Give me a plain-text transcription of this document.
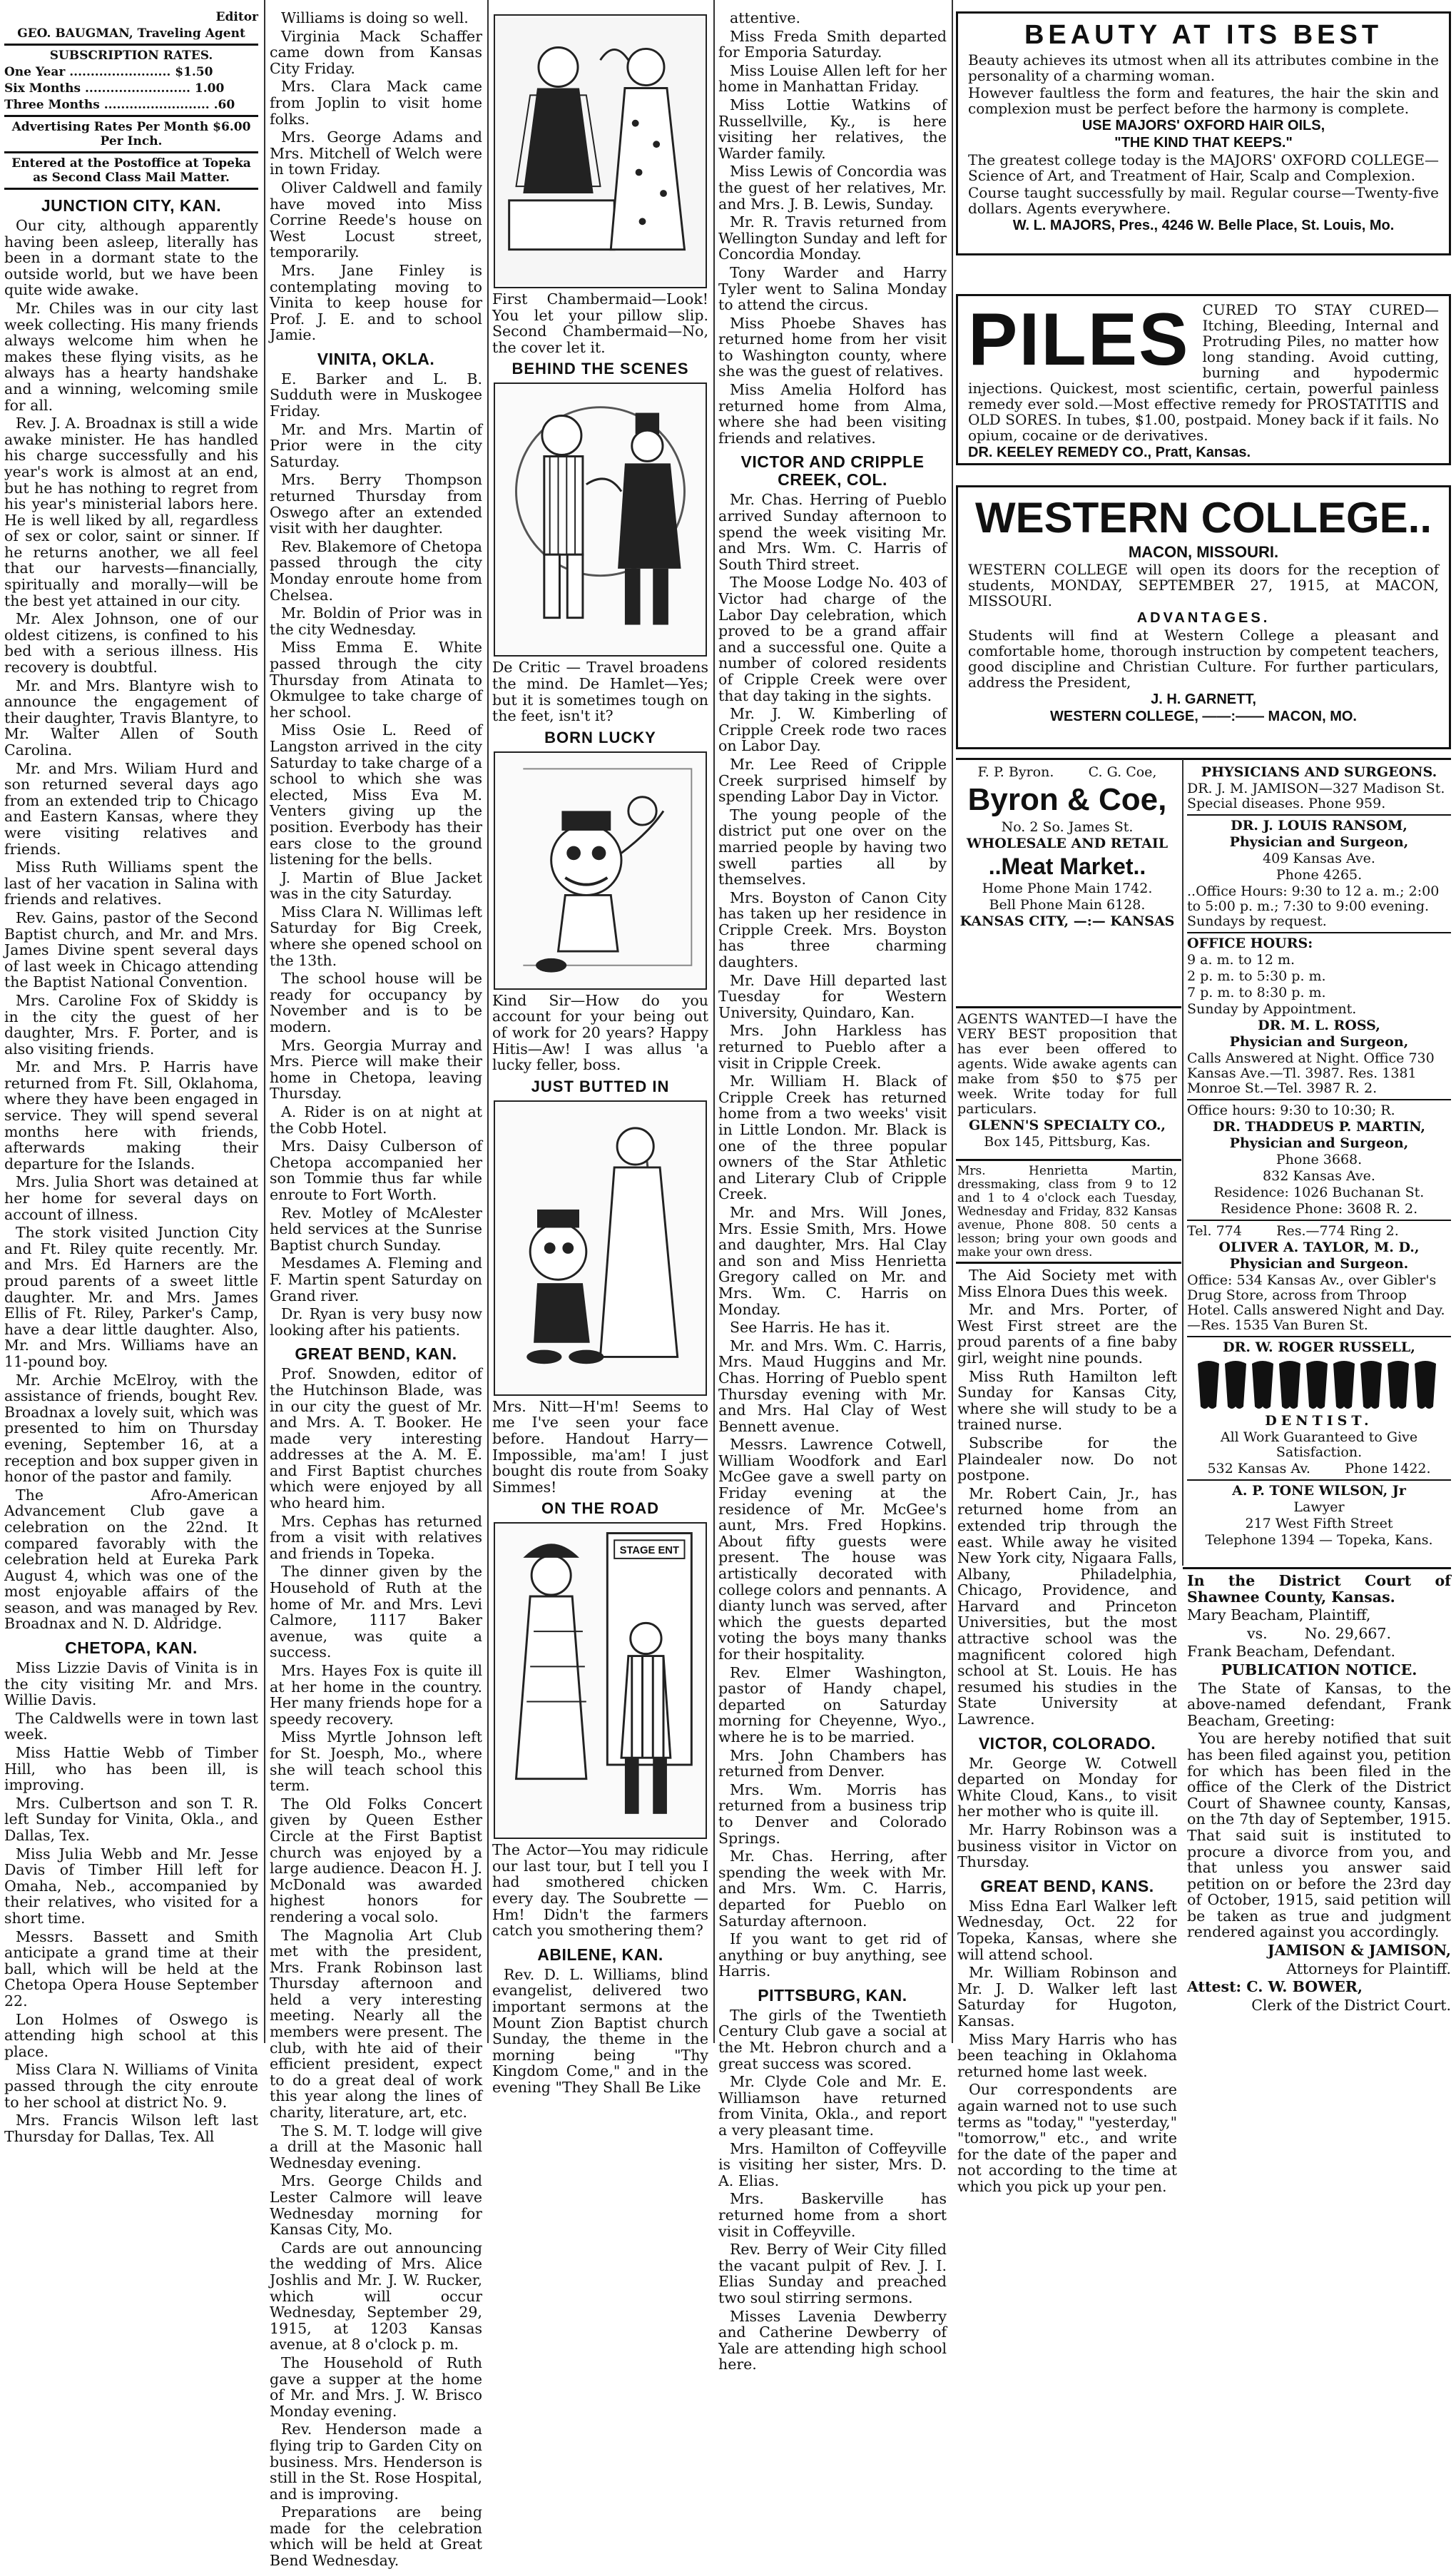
Editor

GEO. BAUGMAN, Traveling Agent

SUBSCRIPTION RATES.

One Year ........................ $1.50

Six Months ......................... 1.00

Three Months ......................... .60

Advertising Rates Per Month $6.00 Per Inch.

Entered at the Postoffice at Topeka as Second Class Mail Matter.

JUNCTION CITY, KAN.

Our city, although apparently having been asleep, literally has been in a dormant state to the outside world, but we have been quite wide awake.

Mr. Chiles was in our city last week collecting. His many friends always welcome him when he makes these flying visits, as he always has a hearty handshake and a winning, welcoming smile for all.

Rev. J. A. Broadnax is still a wide awake minister. He has handled his charge successfully and his year's work is almost at an end, but he has nothing to regret from his year's ministerial labors here. He is well liked by all, regardless of sex or color, saint or sinner. If he returns another, we all feel that our harvests—financially, spiritually and morally—will be the best yet attained in our city.

Mr. Alex Johnson, one of our oldest citizens, is confined to his bed with a serious illness. His recovery is doubtful.

Mr. and Mrs. Blantyre wish to announce the engagement of their daughter, Travis Blantyre, to Mr. Walter Allen of South Carolina.

Mr. and Mrs. Wiliam Hurd and son returned several days ago from an extended trip to Chicago and Eastern Kansas, where they were visiting relatives and friends.

Miss Ruth Williams spent the last of her vacation in Salina with friends and relatives.

Rev. Gains, pastor of the Second Baptist church, and Mr. and Mrs. James Divine spent several days of last week in Chicago attending the Baptist National Convention.

Mrs. Caroline Fox of Skiddy is in the city the guest of her daughter, Mrs. F. Porter, and is also visiting friends.

Mr. and Mrs. P. Harris have returned from Ft. Sill, Oklahoma, where they have been engaged in service. They will spend several months here with friends, afterwards making their departure for the Islands.

Mrs. Julia Short was detained at her home for several days on account of illness.

The stork visited Junction City and Ft. Riley quite recently. Mr. and Mrs. Ed Harners are the proud parents of a sweet little daughter. Mr. and Mrs. James Ellis of Ft. Riley, Parker's Camp, have a dear little daughter. Also, Mr. and Mrs. Williams have an 11-pound boy.

Mr. Archie McElroy, with the assistance of friends, bought Rev. Broadnax a lovely suit, which was presented to him on Thursday evening, September 16, at a reception and box supper given in honor of the pastor and family.

The Afro-American Advancement Club gave a celebration on the 22nd. It compared favorably with the celebration held at Eureka Park August 4, which was one of the most enjoyable affairs of the season, and was managed by Rev. Broadnax and N. D. Aldridge.

CHETOPA, KAN.

Miss Lizzie Davis of Vinita is in the city visiting Mr. and Mrs. Willie Davis.

The Caldwells were in town last week.

Miss Hattie Webb of Timber Hill, who has been ill, is improving.

Mrs. Culbertson and son T. R. left Sunday for Vinita, Okla., and Dallas, Tex.

Miss Julia Webb and Mr. Jesse Davis of Timber Hill left for Omaha, Neb., accompanied by their relatives, who visited for a short time.

Messrs. Bassett and Smith anticipate a grand time at their ball, which will be held at the Chetopa Opera House September 22.

Lon Holmes of Oswego is attending high school at this place.

Miss Clara N. Williams of Vinita passed through the city enroute to her school at district No. 9.

Mrs. Francis Wilson left last Thursday for Dallas, Tex. All

Williams is doing so well.

Virginia Mack Schaffer came down from Kansas City Friday.

Mrs. Clara Mack came from Joplin to visit home folks.

Mrs. George Adams and Mrs. Mitchell of Welch were in town Friday.

Oliver Caldwell and family have moved into Miss Corrine Reede's house on West Locust street, temporarily.

Mrs. Jane Finley is contemplating moving to Vinita to keep house for Prof. J. E. and to school Jamie.

VINITA, OKLA.

E. Barker and L. B. Sudduth were in Muskogee Friday.

Mr. and Mrs. Martin of Prior were in the city Saturday.

Mrs. Berry Thompson returned Thursday from Oswego after an extended visit with her daughter.

Rev. Blakemore of Chetopa passed through the city Monday enroute home from Chelsea.

Mr. Boldin of Prior was in the city Wednesday.

Miss Emma E. White passed through the city Thursday from Atinata to Okmulgee to take charge of her school.

Miss Osie L. Reed of Langston arrived in the city Saturday to take charge of a school to which she was elected, Miss Eva M. Venters giving up the position. Everbody has their ears close to the ground listening for the bells.

J. Martin of Blue Jacket was in the city Saturday.

Miss Clara N. Willimas left Saturday for Big Creek, where she opened school on the 13th.

The school house will be ready for occupancy by November and is to be modern.

Mrs. Georgia Murray and Mrs. Pierce will make their home in Chetopa, leaving Thursday.

A. Rider is on at night at the Cobb Hotel.

Mrs. Daisy Culberson of Chetopa accompanied her son Tommie thus far while enroute to Fort Worth.

Rev. Motley of McAlester held services at the Sunrise Baptist church Sunday.

Mesdames A. Fleming and F. Martin spent Saturday on Grand river.

Dr. Ryan is very busy now looking after his patients.

GREAT BEND, KAN.

Prof. Snowden, editor of the Hutchinson Blade, was in our city the guest of Mr. and Mrs. A. T. Booker. He made very interesting addresses at the A. M. E. and First Baptist churches which were enjoyed by all who heard him.

Mrs. Cephas has returned from a visit with relatives and friends in Topeka.

The dinner given by the Household of Ruth at the home of Mr. and Mrs. Levi Calmore, 1117 Baker avenue, was quite a success.

Mrs. Hayes Fox is quite ill at her home in the country. Her many friends hope for a speedy recovery.

Miss Myrtle Johnson left for St. Joesph, Mo., where she will teach school this term.

The Old Folks Concert given by Queen Esther Circle at the First Baptist church was enjoyed by a large audience. Deacon H. J. McDonald was awarded highest honors for rendering a vocal solo.

The Magnolia Art Club met with the president, Mrs. Frank Robinson last Thursday afternoon and held a very interesting meeting. Nearly all the members were present. The club, with hte aid of their efficient president, expect to do a great deal of work this year along the lines of charity, literature, art, etc.

The S. M. T. lodge will give a drill at the Masonic hall Wednesday evening.

Mrs. George Childs and Lester Calmore will leave Wednesday morning for Kansas City, Mo.

Cards are out announcing the wedding of Mrs. Alice Joshlis and Mr. J. W. Rucker, which will occur Wednesday, September 29, 1915, at 1203 Kansas avenue, at 8 o'clock p. m.

The Household of Ruth gave a supper at the home of Mr. and Mrs. J. W. Brisco Monday evening.

Rev. Henderson made a flying trip to Garden City on business. Mrs. Henderson is still in the St. Rose Hospital, and is improving.

Preparations are being made for the celebration which will be held at Great Bend Wednesday.

First Chambermaid—Look! You let your pillow slip. Second Chambermaid—No, the cover let it.

BEHIND THE SCENES

De Critic — Travel broadens the mind. De Hamlet—Yes; but it is sometimes tough on the feet, isn't it?

BORN LUCKY

Kind Sir—How do you account for your being out of work for 20 years? Happy Hitis—Aw! I was allus 'a lucky feller, boss.

JUST BUTTED IN

Mrs. Nitt—H'm! Seems to me I've seen your face before. Handout Harry—Impossible, ma'am! I just bought dis route from Soaky Simmes!

ON THE ROAD
STAGE ENT

The Actor—You may ridicule our last tour, but I tell you I had smothered chicken every day. The Soubrette — Hm! Didn't the farmers catch you smothering them?

ABILENE, KAN.

Rev. D. L. Williams, blind evangelist, delivered two important sermons at the Mount Zion Baptist church Sunday, the theme in the morning being "Thy Kingdom Come," and in the evening "They Shall Be Like

attentive.

Miss Freda Smith departed for Emporia Saturday.

Miss Louise Allen left for her home in Manhattan Friday.

Miss Lottie Watkins of Russellville, Ky., is here visiting her relatives, the Warder family.

Miss Lewis of Concordia was the guest of her relatives, Mr. and Mrs. J. B. Lewis, Sunday.

Mr. R. Travis returned from Wellington Sunday and left for Concordia Monday.

Tony Warder and Harry Tyler went to Salina Monday to attend the circus.

Miss Phoebe Shaves has returned home from her visit to Washington county, where she was the guest of relatives.

Miss Amelia Holford has returned home from Alma, where she had been visiting friends and relatives.

VICTOR AND CRIPPLE CREEK, COL.

Mr. Chas. Herring of Pueblo arrived Sunday afternoon to spend the week visiting Mr. and Mrs. Wm. C. Harris of South Third street.

The Moose Lodge No. 403 of Victor had charge of the Labor Day celebration, which proved to be a grand affair and a successful one. Quite a number of colored residents of Cripple Creek were over that day taking in the sights.

Mr. J. W. Kimberling of Cripple Creek rode two races on Labor Day.

Mr. Lee Reed of Cripple Creek surprised himself by spending Labor Day in Victor.

The young people of the district put one over on the married people by having two swell parties all by themselves.

Mrs. Boyston of Canon City has taken up her residence in Cripple Creek. Mrs. Boyston has three charming daughters.

Mr. Dave Hill departed last Tuesday for Western University, Quindaro, Kan.

Mrs. John Harkless has returned to Pueblo after a visit in Cripple Creek.

Mr. William H. Black of Cripple Creek has returned home from a two weeks' visit in Little London. Mr. Black is one of the three popular owners of the Star Athletic and Literary Club of Cripple Creek.

Mr. and Mrs. Will Jones, Mrs. Essie Smith, Mrs. Howe and daughter, Mrs. Hal Clay and son and Miss Henrietta Gregory called on Mr. and Mrs. Wm. C. Harris on Monday.

See Harris. He has it.

Mr. and Mrs. Wm. C. Harris, Mrs. Maud Huggins and Mr. Chas. Horring of Pueblo spent Thursday evening with Mr. and Mrs. Hal Clay of West Bennett avenue.

Messrs. Lawrence Cotwell, William Woodfork and Earl McGee gave a swell party on Friday evening at the residence of Mr. McGee's aunt, Mrs. Fred Hopkins. About fifty guests were present. The house was artistically decorated with college colors and pennants. A dianty lunch was served, after which the guests departed voting the boys many thanks for their hospitality.

Rev. Elmer Washington, pastor of Handy chapel, departed on Saturday morning for Cheyenne, Wyo., where he is to be married.

Mrs. John Chambers has returned from Denver.

Mrs. Wm. Morris has returned from a business trip to Denver and Colorado Springs.

Mr. Chas. Herring, after spending the week with Mr. and Mrs. Wm. C. Harris, departed for Pueblo on Saturday afternoon.

If you want to get rid of anything or buy anything, see Harris.

PITTSBURG, KAN.

The girls of the Twentieth Century Club gave a social at the Mt. Hebron church and a great success was scored.

Mr. Clyde Cole and Mr. E. Williamson have returned from Vinita, Okla., and report a very pleasant time.

Mrs. Hamilton of Coffeyville is visiting her sister, Mrs. D. A. Elias.

Mrs. Baskerville has returned home from a short visit in Coffeyville.

Rev. Berry of Weir City filled the vacant pulpit of Rev. J. I. Elias Sunday and preached two soul stirring sermons.

Misses Lavenia Dewberry and Catherine Dewberry of Yale are attending high school here.

BEAUTY AT ITS BEST

Beauty achieves its utmost when all its attributes combine in the personality of a charming woman.

However faultless the form and features, the hair the skin and complexion must be perfect before the harmony is complete.

USE MAJORS' OXFORD HAIR OILS,

"THE KIND THAT KEEPS."

The greatest college today is the MAJORS' OXFORD COLLEGE—Science of Art, and Treatment of Hair, Scalp and Complexion.

Course taught successfully by mail. Regular course—Twenty-five dollars. Agents everywhere.

W. L. MAJORS, Pres., 4246 W. Belle Place, St. Louis, Mo.

PILES CURED TO STAY CURED—Itching, Bleeding, Internal and Protruding Piles, no matter how long standing. Avoid cutting, burning and hypodermic injections. Quickest, most scientific, certain, powerful painless remedy ever sold.—Most effective remedy for PROSTATITIS and OLD SORES. In tubes, $1.00, postpaid. Money back if it fails. No opium, cocaine or de derivatives.

DR. KEELEY REMEDY CO., Pratt, Kansas.

WESTERN COLLEGE..

MACON, MISSOURI.

WESTERN COLLEGE will open its doors for the reception of students, MONDAY, SEPTEMBER 27, 1915, at MACON, MISSOURI.

ADVANTAGES.

Students will find at Western College a pleasant and comfortable home, thorough instruction by competent teachers, good discipline and Christian Culture. For further particulars, address the President,

J. H. GARNETT,

WESTERN COLLEGE, ——:—— MACON, MO.

F. P. Byron.        C. G. Coe,

Byron & Coe,

No. 2 So. James St.

WHOLESALE AND RETAIL

..Meat Market..

Home Phone Main 1742.

Bell Phone Main 6128.

KANSAS CITY, —:— KANSAS

AGENTS WANTED—I have the VERY BEST proposition that has ever been offered to agents. Wide awake agents can make from $50 to $75 per week. Write today for full particulars.

GLENN'S SPECIALTY CO.,

Box 145, Pittsburg, Kas.

Mrs. Henrietta Martin, dressmaking, class from 9 to 12 and 1 to 4 o'clock each Tuesday, Wednesday and Friday, 832 Kansas avenue, Phone 808. 50 cents a lesson; bring your own goods and make your own dress.

The Aid Society met with Miss Elnora Dues this week.

Mr. and Mrs. Porter, of West First street are the proud parents of a fine baby girl, weight nine pounds.

Miss Ruth Hamilton left Sunday for Kansas City, where she will study to be a trained nurse.

Subscribe for the Plaindealer now. Do not postpone.

Mr. Robert Cain, Jr., has returned home from an extended trip through the east. While away he visited New York city, Nigaara Falls, Albany, Philadelphia, Chicago, Providence, and Harvard and Princeton Universities, but the most attractive school was the magnificent colored high school at St. Louis. He has resumed his studies in the State University at Lawrence.

VICTOR, COLORADO.

Mr. George W. Cotwell departed on Monday for White Cloud, Kans., to visit her mother who is quite ill.

Mr. Harry Robinson was a business visitor in Victor on Thursday.

GREAT BEND, KANS.

Miss Edna Earl Walker left Wednesday, Oct. 22 for Topeka, Kansas, where she will attend school.

Mr. William Robinson and Mr. J. D. Walker left last Saturday for Hugoton, Kansas.

Miss Mary Harris who has been teaching in Oklahoma returned home last week.

Our correspondents are again warned not to use such terms as "today," "yesterday," "tomorrow," etc., and write for the date of the paper and not according to the time at which you pick up your pen.

PHYSICIANS AND SURGEONS.

DR. J. M. JAMISON—327 Madison St. Special diseases. Phone 959.

DR. J. LOUIS RANSOM,

Physician and Surgeon,

409 Kansas Ave.

Phone 4265.

..Office Hours: 9:30 to 12 a. m.; 2:00 to 5:00 p. m.; 7:30 to 9:00 evening. Sundays by request.

OFFICE HOURS:

9 a. m. to 12 m.

2 p. m. to 5:30 p. m.

7 p. m. to 8:30 p. m.

Sunday by Appointment.

DR. M. L. ROSS,

Physician and Surgeon,

Calls Answered at Night. Office 730 Kansas Ave.—Tl. 3987. Res. 1381 Monroe St.—Tel. 3987 R. 2.

Office hours: 9:30 to 10:30; R.

DR. THADDEUS P. MARTIN,

Physician and Surgeon,

Phone 3668.

832 Kansas Ave.

Residence: 1026 Buchanan St.

Residence Phone: 3608 R. 2.

Tel. 774        Res.—774 Ring 2.

OLIVER A. TAYLOR, M. D.,

Physician and Surgeon.

Office: 534 Kansas Av., over Gibler's Drug Store, across from Throop Hotel. Calls answered Night and Day.—Res. 1535 Van Buren St.

DR. W. ROGER RUSSELL,

DENTIST.

All Work Guaranteed to Give Satisfaction.

532 Kansas Av.        Phone 1422.

A. P. TONE WILSON, Jr

Lawyer

217 West Fifth Street

Telephone 1394 — Topeka, Kans.

In the District Court of Shawnee County, Kansas.

Mary Beacham, Plaintiff,

vs.        No. 29,667.

Frank Beacham, Defendant.

PUBLICATION NOTICE.

The State of Kansas, to the above-named defendant, Frank Beacham, Greeting:

You are hereby notified that suit has been filed against you, petition for which has been filed in the office of the Clerk of the District Court of Shawnee county, Kansas, on the 7th day of September, 1915. That said suit is instituted to procure a divorce from you, and that unless you answer said petition on or before the 23rd day of October, 1915, said petition will be taken as true and judgment rendered against you accordingly.

JAMISON & JAMISON,

Attorneys for Plaintiff.

Attest: C. W. BOWER,

Clerk of the District Court.
